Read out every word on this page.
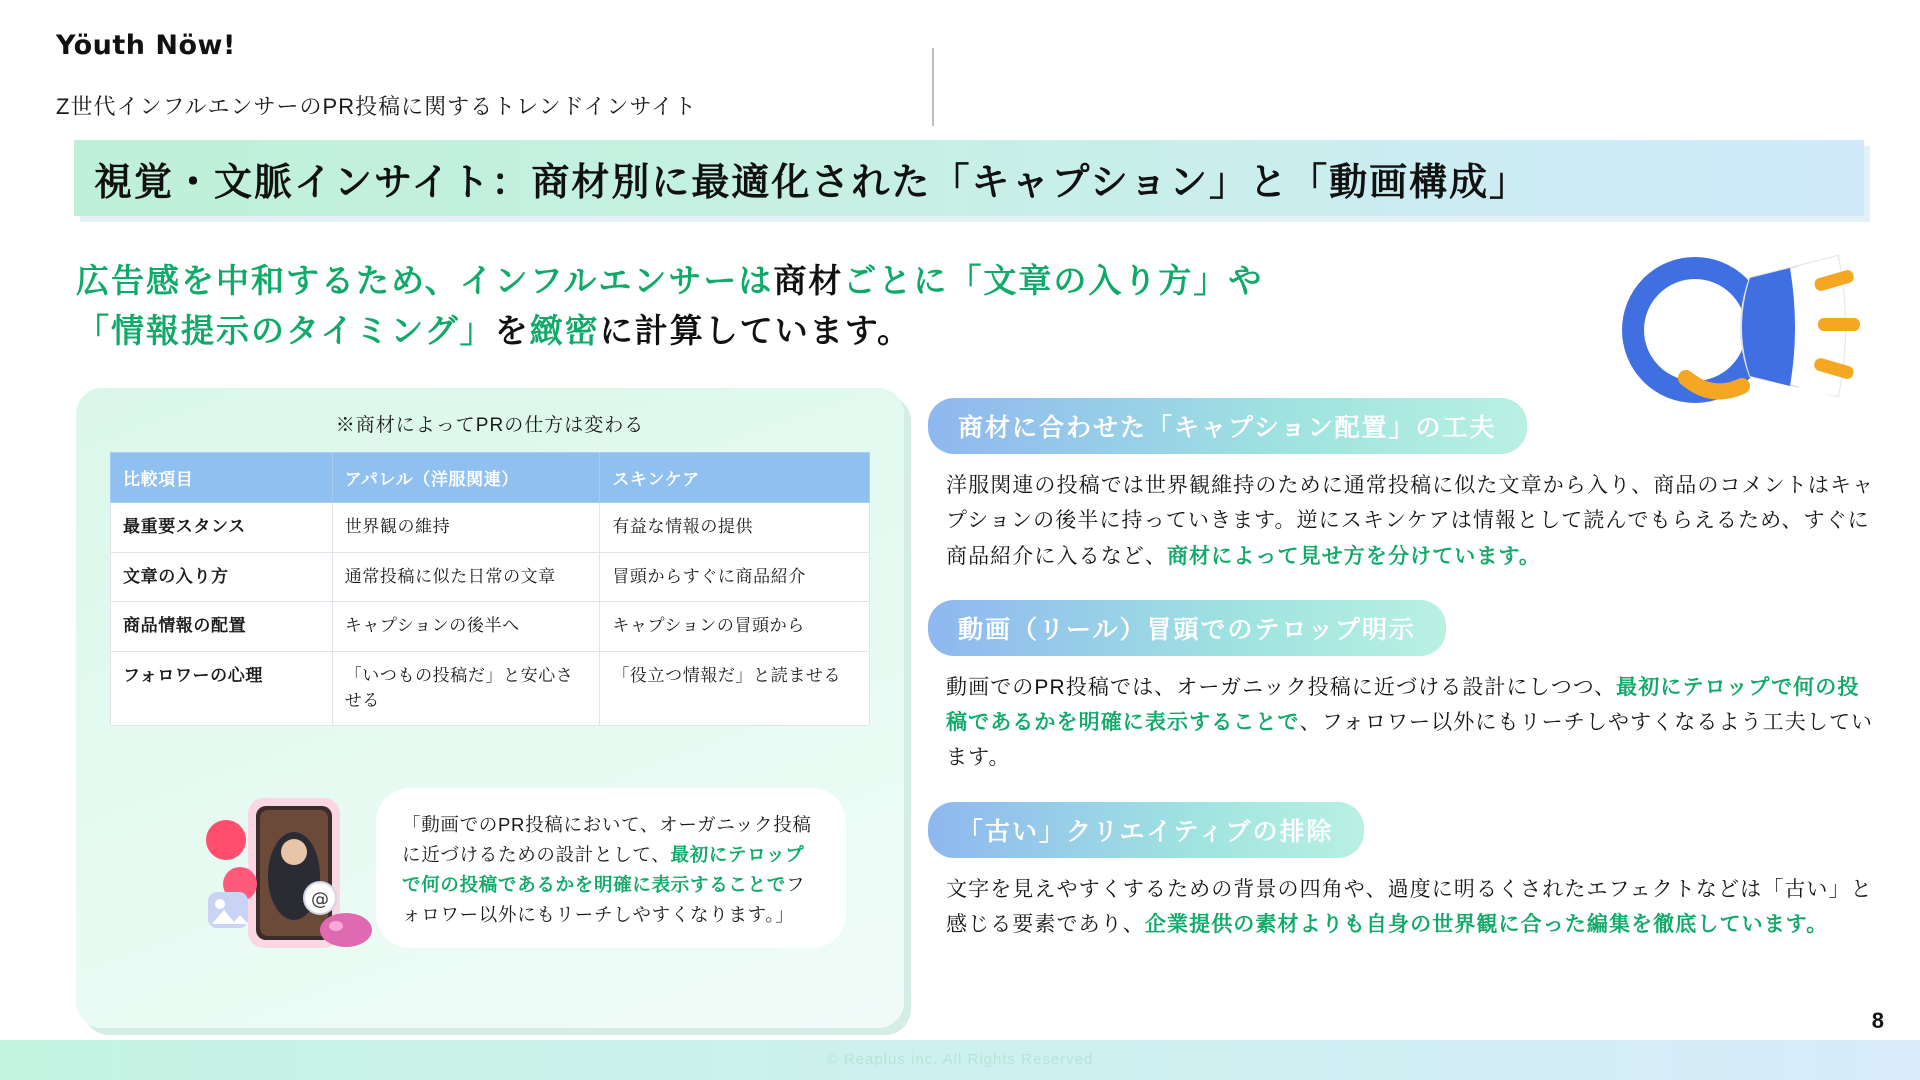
Yöuth Nöw!
Z世代インフルエンサーのPR投稿に関するトレンドインサイト
視覚・文脈インサイト：商材別に最適化された「キャプション」と「動画構成」
広告感を中和するため、インフルエンサーは商材ごとに「文章の入り方」や
「情報提示のタイミング」を緻密に計算しています。
※商材によってPRの仕方は変わる
比較項目	アパレル（洋服関連）	スキンケア
最重要スタンス	世界観の維持	有益な情報の提供
文章の入り方	通常投稿に似た日常の文章	冒頭からすぐに商品紹介
商品情報の配置	キャプションの後半へ	キャプションの冒頭から
フォロワーの心理	「いつもの投稿だ」と安心させる	「役立つ情報だ」と読ませる
@
「動画でのPR投稿において、オーガニック投稿に近づけるための設計として、最初にテロップで何の投稿であるかを明確に表示することでフォロワー以外にもリーチしやすくなります。」
商材に合わせた「キャプション配置」の工夫

洋服関連の投稿では世界観維持のために通常投稿に似た文章から入り、商品のコメントはキャプションの後半に持っていきます。逆にスキンケアは情報として読んでもらえるため、すぐに商品紹介に入るなど、商材によって見せ方を分けています。

動画（リール）冒頭でのテロップ明示

動画でのPR投稿では、オーガニック投稿に近づける設計にしつつ、最初にテロップで何の投稿であるかを明確に表示することで、フォロワー以外にもリーチしやすくなるよう工夫しています。

「古い」クリエイティブの排除

文字を見えやすくするための背景の四角や、過度に明るくされたエフェクトなどは「古い」と感じる要素であり、企業提供の素材よりも自身の世界観に合った編集を徹底しています。

© Reaplus inc. All Rights Reserved
8
